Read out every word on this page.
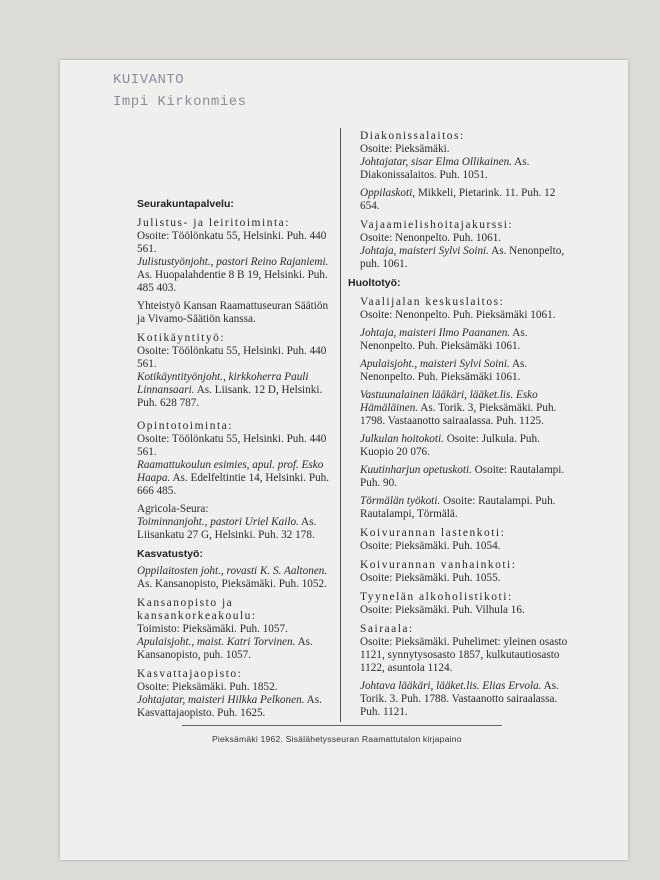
KUIVANTO
Impi Kirkonmies

Seurakuntapalvelu:

Julistus- ja leiritoiminta:

Osoite: Töölönkatu 55, Helsinki. Puh. 440 561.

Julistustyönjoht., pastori Reino Rajaniemi. As. Huopalahdentie 8 B 19, Helsinki. Puh. 485 403.

Yhteistyö Kansan Raamattuseuran Säätiön ja Vivamo-Säätiön kanssa.

Kotikäyntityö:

Osoite: Töölönkatu 55, Helsinki. Puh. 440 561.

Kotikäyntityönjoht., kirkkoherra Pauli Linnansaari. As. Liisank. 12 D, Helsinki. Puh. 628 787.

Opintotoiminta:

Osoite: Töölönkatu 55, Helsinki. Puh. 440 561.

Raamattukoulun esimies, apul. prof. Esko Haapa. As. Edelfeltintie 14, Helsinki. Puh. 666 485.

Agricola-Seura:

Toiminnanjoht., pastori Uriel Kailo. As. Liisankatu 27 G, Helsinki. Puh. 32 178.

Kasvatustyö:

Oppilaitosten joht., rovasti K. S. Aaltonen. As. Kansanopisto, Pieksämäki. Puh. 1052.

Kansanopisto ja kansankorkeakoulu:

Toimisto: Pieksämäki. Puh. 1057.

Apulaisjoht., maist. Katri Torvinen. As. Kansanopisto, puh. 1057.

Kasvattajaopisto:

Osoite: Pieksämäki. Puh. 1852.

Johtajatar, maisteri Hilkka Pelkonen. As. Kasvattajaopisto. Puh. 1625.

Diakonissalaitos:

Osoite: Pieksämäki.

Johtajatar, sisar Elma Ollikainen. As. Diakonissalaitos. Puh. 1051.

Oppilaskoti, Mikkeli, Pietarink. 11. Puh. 12 654.

Vajaamielishoitajakurssi:

Osoite: Nenonpelto. Puh. 1061.

Johtaja, maisteri Sylvi Soini. As. Nenonpelto, puh. 1061.

Huoltotyö:

Vaalijalan keskuslaitos:

Osoite: Nenonpelto. Puh. Pieksämäki 1061.

Johtaja, maisteri Ilmo Paananen. As. Nenonpelto. Puh. Pieksämäki 1061.

Apulaisjoht., maisteri Sylvi Soini. As. Nenonpelto. Puh. Pieksämäki 1061.

Vastuunalainen lääkäri, lääket.lis. Esko Hämäläinen. As. Torik. 3, Pieksämäki. Puh. 1798. Vastaanotto sairaalassa. Puh. 1125.

Julkulan hoitokoti. Osoite: Julkula. Puh. Kuopio 20 076.

Kuutinharjun opetuskoti. Osoite: Rautalampi. Puh. 90.

Törmälän työkoti. Osoite: Rautalampi. Puh. Rautalampi, Törmälä.

Koivurannan lastenkoti:

Osoite: Pieksämäki. Puh. 1054.

Koivurannan vanhainkoti:

Osoite: Pieksämäki. Puh. 1055.

Tyynelän alkoholistikoti:

Osoite: Pieksämäki. Puh. Vilhula 16.

Sairaala:

Osoite: Pieksämäki. Puhelimet: yleinen osasto 1121, synnytysosasto 1857, kulkutautiosasto 1122, asuntola 1124.

Johtava lääkäri, lääket.lis. Elias Ervola. As. Torik. 3. Puh. 1788. Vastaanotto sairaalassa. Puh. 1121.

Pieksämäki 1962. Sisälähetysseuran Raamattutalon kirjapaino
